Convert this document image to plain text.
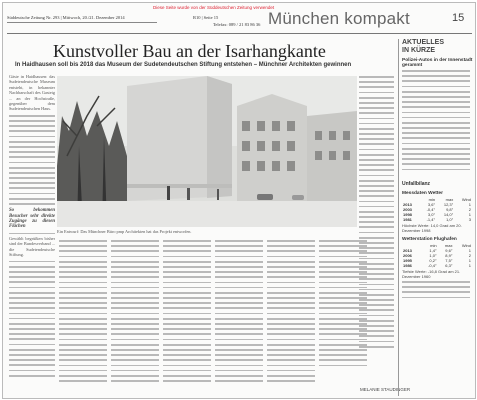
Diese Seite wurde von der Süddeutschen Zeitung verwendet
Süddeutsche Zeitung Nr. 293 | Mittwoch, 20./21. Dezember 2014	R10 | Seite 15
Telefax: 089 / 21 83 86 36 München kompakt	15
Kunstvoller Bau an der Isarhangkante
In Haidhausen soll bis 2018 das Museum der Sudetendeutschen Stiftung entstehen – Münchner Architekten gewinnen

Gäste in Haidhausen: das Sudetendeutsche Museum entsteht, in bekannter Nachbarschaft des Gasteig ... an der Hochstraße, gegenüber dem Sudetendeutschen Haus.

So bekommen Besucher sehr direkte Zugänge zu diesen Flächen

Ein Entwurf: Das Münchner Büro pmp Architekten hat das Projekt entworfen.

Gewählt begrüßten bisher sind der Bundesverband ... die Sudetendeutsche Stiftung.

MELANIE STAUDINGER
AKTUELLES
IN KÜRZE
Polizei-Autos in der Innenstadt gerammt
Unfallbilanz
Messdaten Wetter
	min	max	Wind
2013	3,6°	12,3°	1
2003	-0,4°	9,8°	2
1998	3,0°	14,0°	1
1981	-1,4°	1,0°	3
Höchste Werte: 14,0 Grad am 20. Dezember 1998
Wetterstation Flughafen
	min	max	Wind
2013	1,4°	9,6°	1
2006	1,0°	8,9°	2
1995	0,2°	7,5°	1
1986	-0,4°	6,3°	1
Tiefste Werte: -16,8 Grad am 21. Dezember 1960
